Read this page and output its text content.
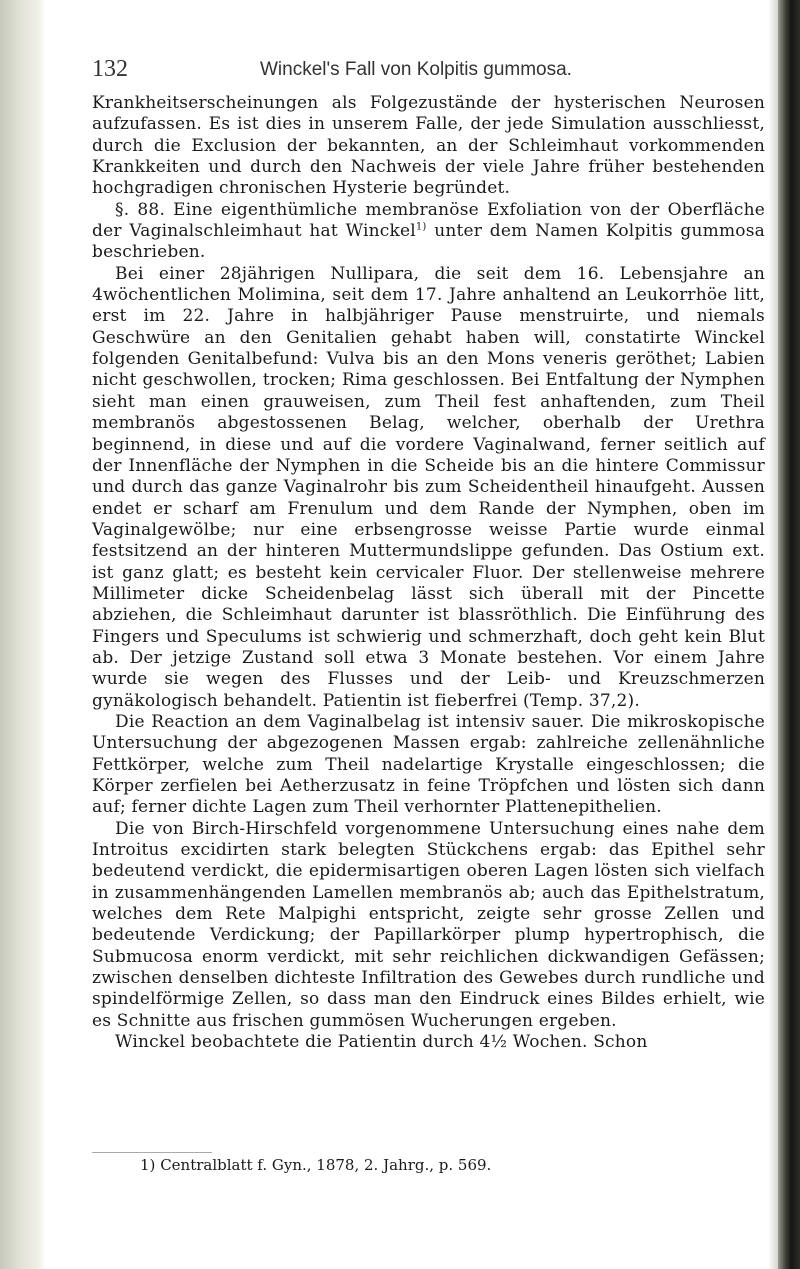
132	Winckel's Fall von Kolpitis gummosa.

Krankheitserscheinungen als Folgezustände der hysterischen Neurosen aufzufassen. Es ist dies in unserem Falle, der jede Simulation ausschliesst, durch die Exclusion der bekannten, an der Schleimhaut vorkommenden Krankkeiten und durch den Nachweis der viele Jahre früher bestehenden hochgradigen chronischen Hysterie begründet.

§. 88. Eine eigenthümliche membranöse Exfoliation von der Oberfläche der Vaginalschleimhaut hat Winckel$^{1)}$ unter dem Namen Kolpitis gummosa beschrieben.

Bei einer 28jährigen Nullipara, die seit dem 16. Lebensjahre an 4wöchentlichen Molimina, seit dem 17. Jahre anhaltend an Leukorrhöe litt, erst im 22. Jahre in halbjähriger Pause menstruirte, und niemals Geschwüre an den Genitalien gehabt haben will, constatirte Winckel folgenden Genitalbefund: Vulva bis an den Mons veneris geröthet; Labien nicht geschwollen, trocken; Rima geschlossen. Bei Entfaltung der Nymphen sieht man einen grauweisen, zum Theil fest anhaftenden, zum Theil membranös abgestossenen Belag, welcher, oberhalb der Urethra beginnend, in diese und auf die vordere Vaginalwand, ferner seitlich auf der Innenfläche der Nymphen in die Scheide bis an die hintere Commissur und durch das ganze Vaginalrohr bis zum Scheidentheil hinaufgeht. Aussen endet er scharf am Frenulum und dem Rande der Nymphen, oben im Vaginalgewölbe; nur eine erbsengrosse weisse Partie wurde einmal festsitzend an der hinteren Muttermundslippe gefunden. Das Ostium ext. ist ganz glatt; es besteht kein cervicaler Fluor. Der stellenweise mehrere Millimeter dicke Scheidenbelag lässt sich überall mit der Pincette abziehen, die Schleimhaut darunter ist blassröthlich. Die Einführung des Fingers und Speculums ist schwierig und schmerzhaft, doch geht kein Blut ab. Der jetzige Zustand soll etwa 3 Monate bestehen. Vor einem Jahre wurde sie wegen des Flusses und der Leib- und Kreuzschmerzen gynäkologisch behandelt. Patientin ist fieberfrei (Temp. 37,2).

Die Reaction an dem Vaginalbelag ist intensiv sauer. Die mikroskopische Untersuchung der abgezogenen Massen ergab: zahlreiche zellenähnliche Fettkörper, welche zum Theil nadelartige Krystalle eingeschlossen; die Körper zerfielen bei Aetherzusatz in feine Tröpfchen und lösten sich dann auf; ferner dichte Lagen zum Theil verhornter Plattenepithelien.

Die von Birch-Hirschfeld vorgenommene Untersuchung eines nahe dem Introitus excidirten stark belegten Stückchens ergab: das Epithel sehr bedeutend verdickt, die epidermisartigen oberen Lagen lösten sich vielfach in zusammenhängenden Lamellen membranös ab; auch das Epithelstratum, welches dem Rete Malpighi entspricht, zeigte sehr grosse Zellen und bedeutende Verdickung; der Papillarkörper plump hypertrophisch, die Submucosa enorm verdickt, mit sehr reichlichen dickwandigen Gefässen; zwischen denselben dichteste Infiltration des Gewebes durch rundliche und spindelförmige Zellen, so dass man den Eindruck eines Bildes erhielt, wie es Schnitte aus frischen gummösen Wucherungen ergeben.

Winckel beobachtete die Patientin durch 4½ Wochen. Schon

1) Centralblatt f. Gyn., 1878, 2. Jahrg., p. 569.
